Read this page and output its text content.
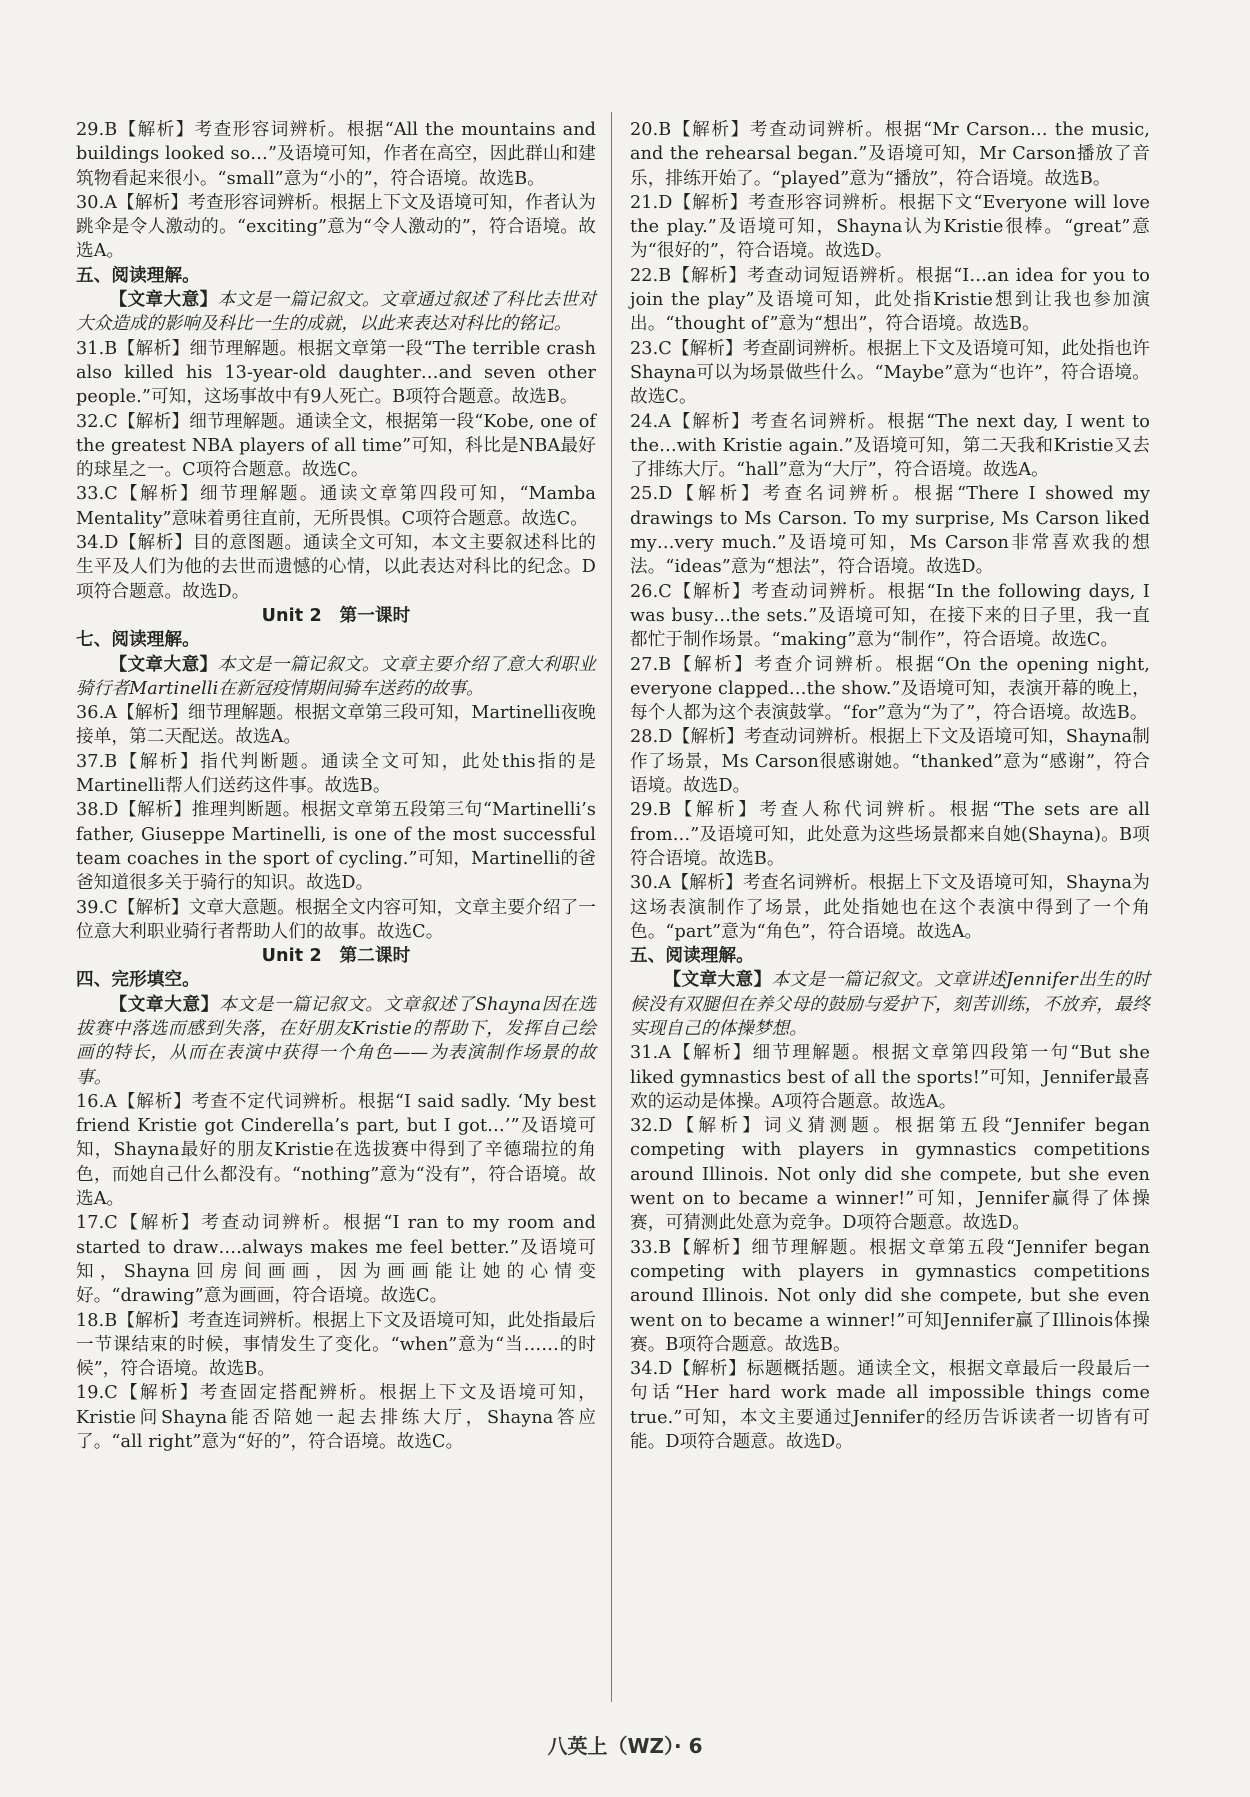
29.B【解析】考查形容词辨析。根据“All the mountains and buildings looked so…”及语境可知，作者在高空，因此群山和建筑物看起来很小。“small”意为“小的”，符合语境。故选B。
30.A【解析】考查形容词辨析。根据上下文及语境可知，作者认为跳伞是令人激动的。“exciting”意为“令人激动的”，符合语境。故选A。
五、阅读理解。
【文章大意】本文是一篇记叙文。文章通过叙述了科比去世对大众造成的影响及科比一生的成就，以此来表达对科比的铭记。
31.B【解析】细节理解题。根据文章第一段“The terrible crash also killed his 13-year-old daughter…and seven other people.”可知，这场事故中有9人死亡。B项符合题意。故选B。
32.C【解析】细节理解题。通读全文，根据第一段“Kobe, one of the greatest NBA players of all time”可知，科比是NBA最好的球星之一。C项符合题意。故选C。
33.C【解析】细节理解题。通读文章第四段可知，“Mamba Mentality”意味着勇往直前，无所畏惧。C项符合题意。故选C。
34.D【解析】目的意图题。通读全文可知，本文主要叙述科比的生平及人们为他的去世而遗憾的心情，以此表达对科比的纪念。D项符合题意。故选D。
Unit 2　第一课时
七、阅读理解。
【文章大意】本文是一篇记叙文。文章主要介绍了意大利职业骑行者Martinelli在新冠疫情期间骑车送药的故事。
36.A【解析】细节理解题。根据文章第三段可知，Martinelli夜晚接单，第二天配送。故选A。
37.B【解析】指代判断题。通读全文可知，此处this指的是Martinelli帮人们送药这件事。故选B。
38.D【解析】推理判断题。根据文章第五段第三句“Martinelli’s father, Giuseppe Martinelli, is one of the most successful team coaches in the sport of cycling.”可知，Martinelli的爸爸知道很多关于骑行的知识。故选D。
39.C【解析】文章大意题。根据全文内容可知，文章主要介绍了一位意大利职业骑行者帮助人们的故事。故选C。
Unit 2　第二课时
四、完形填空。
【文章大意】本文是一篇记叙文。文章叙述了Shayna因在选拔赛中落选而感到失落，在好朋友Kristie的帮助下，发挥自己绘画的特长，从而在表演中获得一个角色——为表演制作场景的故事。
16.A【解析】考查不定代词辨析。根据“I said sadly. ‘My best friend Kristie got Cinderella’s part, but I got…’”及语境可知，Shayna最好的朋友Kristie在选拔赛中得到了辛德瑞拉的角色，而她自己什么都没有。“nothing”意为“没有”，符合语境。故选A。
17.C【解析】考查动词辨析。根据“I ran to my room and started to draw….always makes me feel better.”及语境可知，Shayna回房间画画，因为画画能让她的心情变好。“drawing”意为画画，符合语境。故选C。
18.B【解析】考查连词辨析。根据上下文及语境可知，此处指最后一节课结束的时候，事情发生了变化。“when”意为“当……的时候”，符合语境。故选B。
19.C【解析】考查固定搭配辨析。根据上下文及语境可知，Kristie问Shayna能否陪她一起去排练大厅，Shayna答应了。“all right”意为“好的”，符合语境。故选C。
20.B【解析】考查动词辨析。根据“Mr Carson… the music, and the rehearsal began.”及语境可知，Mr Carson播放了音乐，排练开始了。“played”意为“播放”，符合语境。故选B。
21.D【解析】考查形容词辨析。根据下文“Everyone will love the play.”及语境可知，Shayna认为Kristie很棒。“great”意为“很好的”，符合语境。故选D。
22.B【解析】考查动词短语辨析。根据“I…an idea for you to join the play”及语境可知，此处指Kristie想到让我也参加演出。“thought of”意为“想出”，符合语境。故选B。
23.C【解析】考查副词辨析。根据上下文及语境可知，此处指也许Shayna可以为场景做些什么。“Maybe”意为“也许”，符合语境。故选C。
24.A【解析】考查名词辨析。根据“The next day, I went to the…with Kristie again.”及语境可知，第二天我和Kristie又去了排练大厅。“hall”意为“大厅”，符合语境。故选A。
25.D【解析】考查名词辨析。根据“There I showed my drawings to Ms Carson. To my surprise, Ms Carson liked my…very much.”及语境可知，Ms Carson非常喜欢我的想法。“ideas”意为“想法”，符合语境。故选D。
26.C【解析】考查动词辨析。根据“In the following days, I was busy…the sets.”及语境可知，在接下来的日子里，我一直都忙于制作场景。“making”意为“制作”，符合语境。故选C。
27.B【解析】考查介词辨析。根据“On the opening night, everyone clapped…the show.”及语境可知，表演开幕的晚上，每个人都为这个表演鼓掌。“for”意为“为了”，符合语境。故选B。
28.D【解析】考查动词辨析。根据上下文及语境可知，Shayna制作了场景，Ms Carson很感谢她。“thanked”意为“感谢”，符合语境。故选D。
29.B【解析】考查人称代词辨析。根据“The sets are all from…”及语境可知，此处意为这些场景都来自她(Shayna)。B项符合语境。故选B。
30.A【解析】考查名词辨析。根据上下文及语境可知，Shayna为这场表演制作了场景，此处指她也在这个表演中得到了一个角色。“part”意为“角色”，符合语境。故选A。
五、阅读理解。
【文章大意】本文是一篇记叙文。文章讲述Jennifer出生的时候没有双腿但在养父母的鼓励与爱护下，刻苦训练，不放弃，最终实现自己的体操梦想。
31.A【解析】细节理解题。根据文章第四段第一句“But she liked gymnastics best of all the sports!”可知，Jennifer最喜欢的运动是体操。A项符合题意。故选A。
32.D【解析】词义猜测题。根据第五段“Jennifer began competing with players in gymnastics competitions around Illinois. Not only did she compete, but she even went on to became a winner!”可知，Jennifer赢得了体操赛，可猜测此处意为竞争。D项符合题意。故选D。
33.B【解析】细节理解题。根据文章第五段“Jennifer began competing with players in gymnastics competitions around Illinois. Not only did she compete, but she even went on to became a winner!”可知Jennifer赢了Illinois体操赛。B项符合题意。故选B。
34.D【解析】标题概括题。通读全文，根据文章最后一段最后一句话“Her hard work made all impossible things come true.”可知，本文主要通过Jennifer的经历告诉读者一切皆有可能。D项符合题意。故选D。
八英上（WZ）· 6
